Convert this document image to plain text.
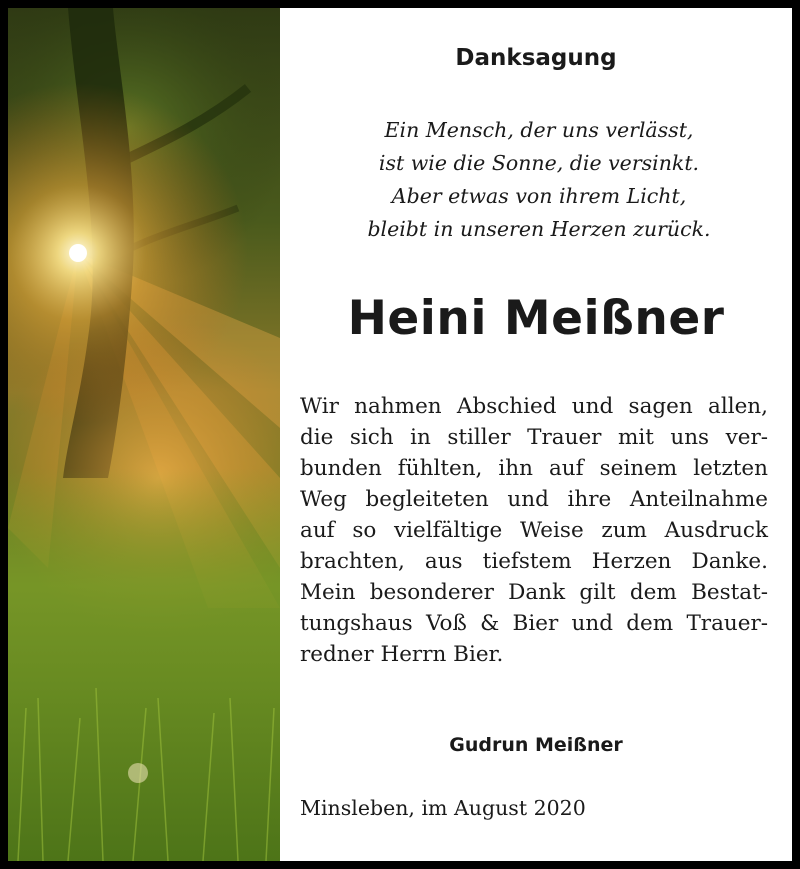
Danksagung
Ein Mensch, der uns verlässt,
ist wie die Sonne, die versinkt.
Aber etwas von ihrem Licht,
bleibt in unseren Herzen zurück.
Heini Meißner
Wir nahmen Abschied und sagen allen,
die sich in stiller Trauer mit uns ver-
bunden fühlten, ihn auf seinem letzten
Weg begleiteten und ihre Anteilnahme
auf so vielfältige Weise zum Ausdruck
brachten, aus tiefstem Herzen Danke.
Mein besonderer Dank gilt dem Bestat-
tungshaus Voß & Bier und dem Trauer-
redner Herrn Bier.
Gudrun Meißner
Minsleben, im August 2020
